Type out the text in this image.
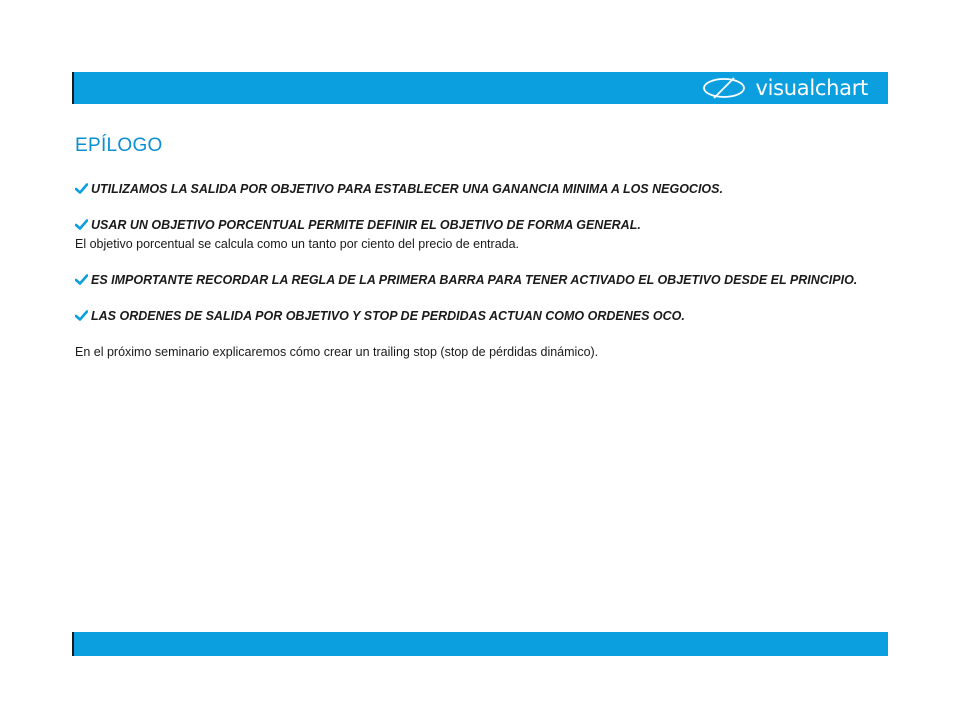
visualchart
EPÍLOGO

UTILIZAMOS LA SALIDA POR OBJETIVO PARA ESTABLECER UNA GANANCIA MINIMA A LOS NEGOCIOS.

USAR UN OBJETIVO PORCENTUAL PERMITE DEFINIR EL OBJETIVO DE FORMA GENERAL.

El objetivo porcentual se calcula como un tanto por ciento del precio de entrada.

ES IMPORTANTE RECORDAR LA REGLA DE LA PRIMERA BARRA PARA TENER ACTIVADO EL OBJETIVO DESDE EL PRINCIPIO.

LAS ORDENES DE SALIDA POR OBJETIVO Y STOP DE PERDIDAS ACTUAN COMO ORDENES OCO.

En el próximo seminario explicaremos cómo crear un trailing stop (stop de pérdidas dinámico).
